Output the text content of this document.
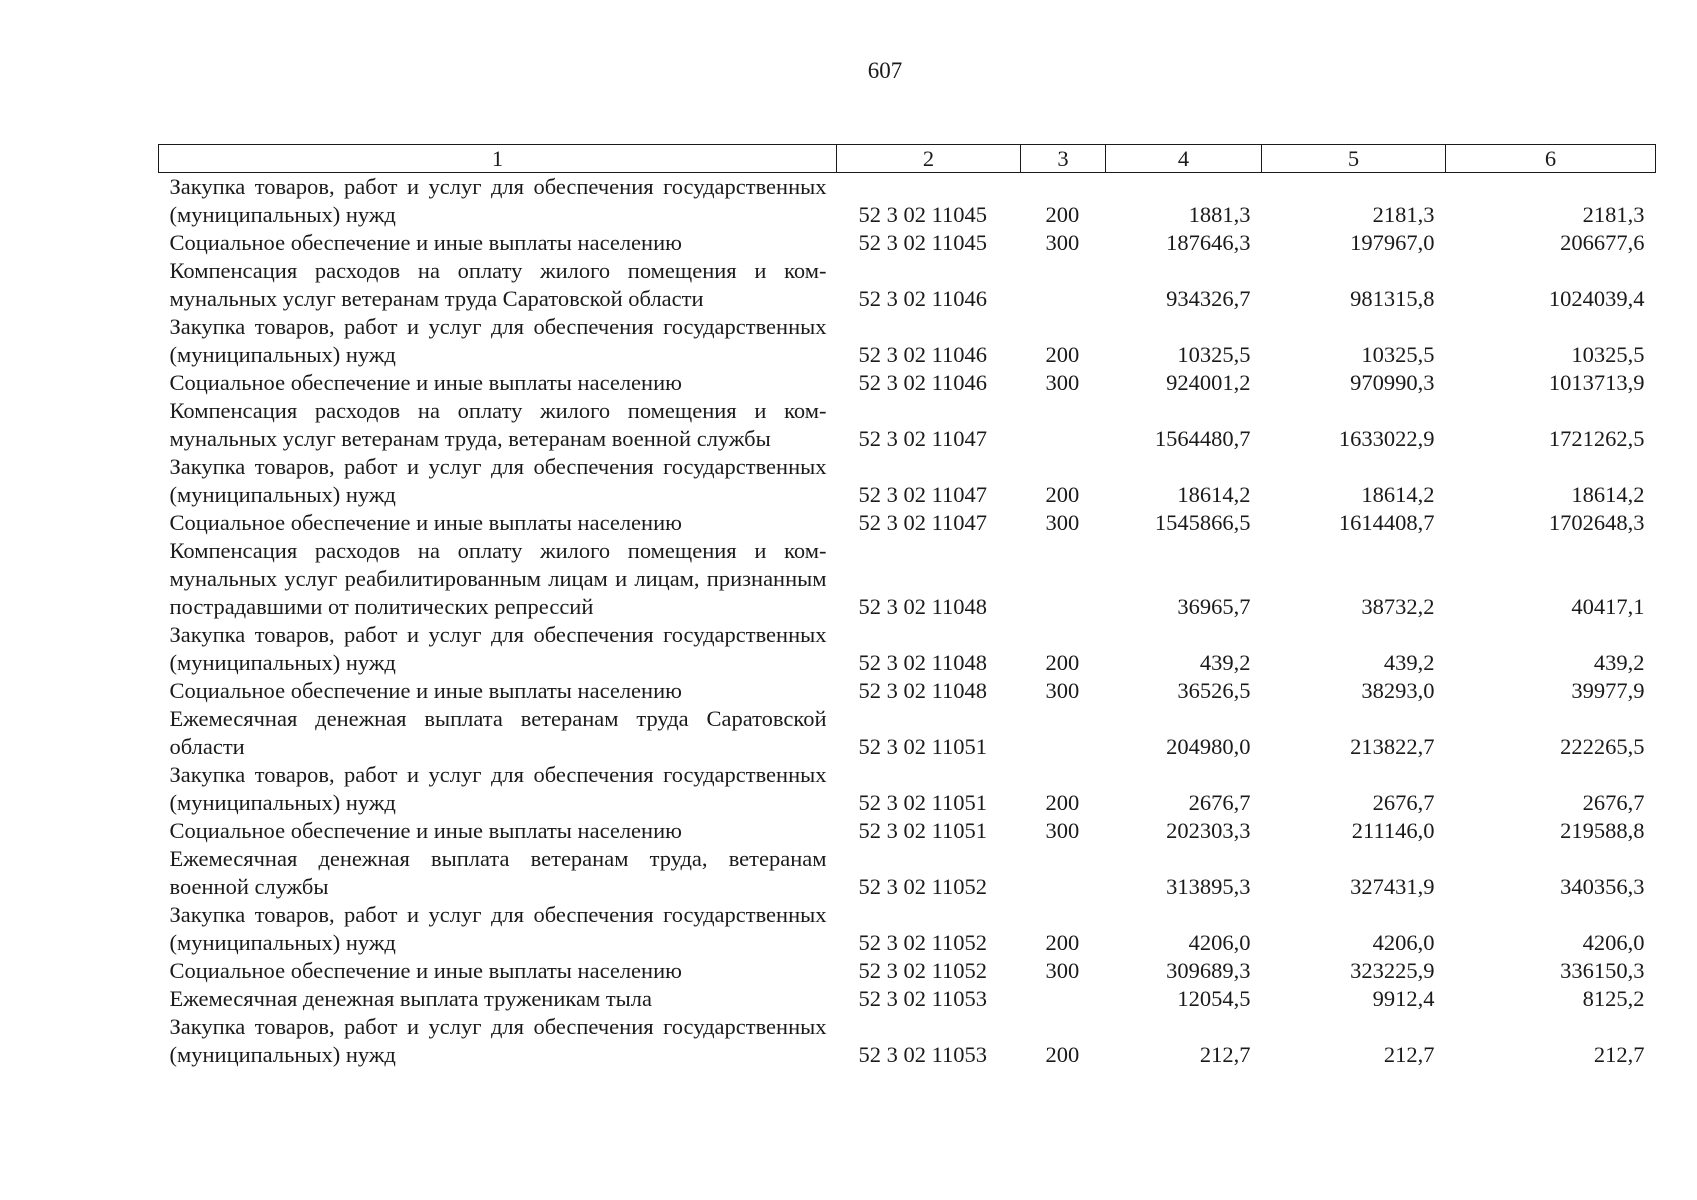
607
1	2	3	4	5	6
Закупка товаров, работ и услуг для обеспечения государственных (муниципальных) нужд	52 3 02 11045	200	1881,3	2181,3	2181,3
Социальное обеспечение и иные выплаты населению	52 3 02 11045	300	187646,3	197967,0	206677,6
Компенсация расходов на оплату жилого помещения и коммунальных услуг ветеранам труда Саратовской области	52 3 02 11046		934326,7	981315,8	1024039,4
Закупка товаров, работ и услуг для обеспечения государственных (муниципальных) нужд	52 3 02 11046	200	10325,5	10325,5	10325,5
Социальное обеспечение и иные выплаты населению	52 3 02 11046	300	924001,2	970990,3	1013713,9
Компенсация расходов на оплату жилого помещения и коммунальных услуг ветеранам труда, ветеранам военной службы	52 3 02 11047		1564480,7	1633022,9	1721262,5
Закупка товаров, работ и услуг для обеспечения государственных (муниципальных) нужд	52 3 02 11047	200	18614,2	18614,2	18614,2
Социальное обеспечение и иные выплаты населению	52 3 02 11047	300	1545866,5	1614408,7	1702648,3
Компенсация расходов на оплату жилого помещения и коммунальных услуг реабилитированным лицам и лицам, признанным пострадавшими от политических репрессий	52 3 02 11048		36965,7	38732,2	40417,1
Закупка товаров, работ и услуг для обеспечения государственных (муниципальных) нужд	52 3 02 11048	200	439,2	439,2	439,2
Социальное обеспечение и иные выплаты населению	52 3 02 11048	300	36526,5	38293,0	39977,9
Ежемесячная денежная выплата ветеранам труда Саратовской области	52 3 02 11051		204980,0	213822,7	222265,5
Закупка товаров, работ и услуг для обеспечения государственных (муниципальных) нужд	52 3 02 11051	200	2676,7	2676,7	2676,7
Социальное обеспечение и иные выплаты населению	52 3 02 11051	300	202303,3	211146,0	219588,8
Ежемесячная денежная выплата ветеранам труда, ветеранам военной службы	52 3 02 11052		313895,3	327431,9	340356,3
Закупка товаров, работ и услуг для обеспечения государственных (муниципальных) нужд	52 3 02 11052	200	4206,0	4206,0	4206,0
Социальное обеспечение и иные выплаты населению	52 3 02 11052	300	309689,3	323225,9	336150,3
Ежемесячная денежная выплата труженикам тыла	52 3 02 11053		12054,5	9912,4	8125,2
Закупка товаров, работ и услуг для обеспечения государственных (муниципальных) нужд	52 3 02 11053	200	212,7	212,7	212,7
